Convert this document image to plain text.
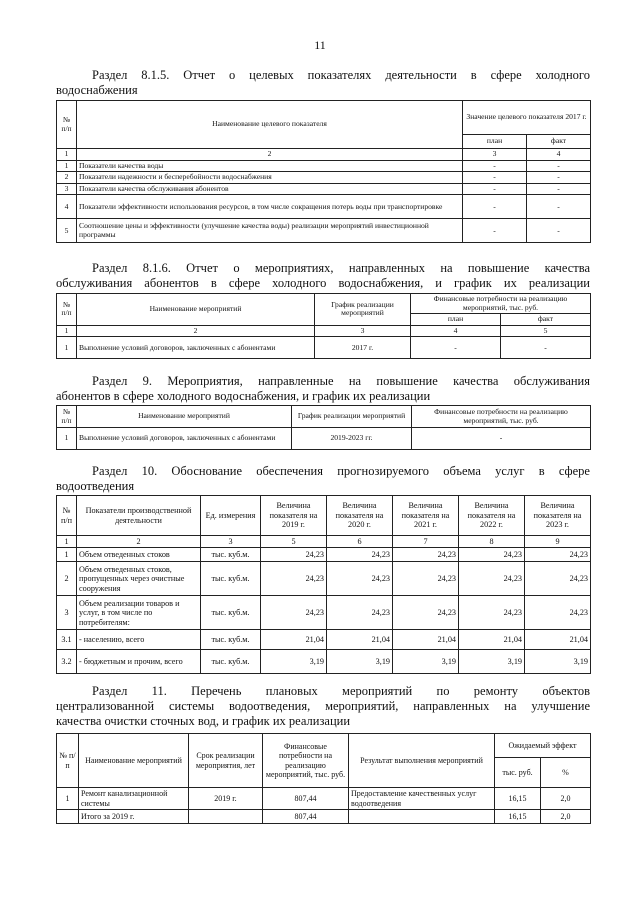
11
Раздел 8.1.5. Отчет о целевых показателях деятельности в сфере холодного
водоснабжения
№ п/п	Наименование целевого показателя	Значение целевого показателя 2017 г.	
		план	факт
1	2	3	4
1	Показатели качества воды	-	-
2	Показатели надежности и бесперебойности водоснабжения	-	-
3	Показатели качества обслуживания абонентов	-	-
4	Показатели эффективности использования ресурсов, в том числе сокращения потерь воды при транспортировке	-	-
5	Соотношение цены и эффективности (улучшение качества воды) реализации мероприятий инвестиционной программы	-	-
Раздел 8.1.6. Отчет о мероприятиях, направленных на повышение качества
обслуживания абонентов в сфере холодного водоснабжения, и график их реализации
№ п/п	Наименование мероприятий	График реализации мероприятий	Финансовые потребности на реализацию мероприятий, тыс. руб.	
			план	факт
1	2	3	4	5
1	Выполнение условий договоров, заключенных с абонентами	2017 г.	-	-
Раздел 9. Мероприятия, направленные на повышение качества обслуживания
абонентов в сфере холодного водоснабжения, и график их реализации
№ п/п	Наименование мероприятий	График реализации мероприятий	Финансовые потребности на реализацию мероприятий, тыс. руб.
1	Выполнение условий договоров, заключенных с абонентами	2019-2023 гг.	-
Раздел 10. Обоснование обеспечения прогнозируемого объема услуг в сфере
водоотведения
№ п/п	Показатели производственной деятельности	Ед. измерения	Величина показателя на 2019 г.	Величина показателя на 2020 г.	Величина показателя на 2021 г.	Величина показателя на 2022 г.	Величина показателя на 2023 г.
1	2	3	5	6	7	8	9
1	Объем отведенных стоков	тыс. куб.м.	24,23	24,23	24,23	24,23	24,23
2	Объем отведенных стоков, пропущенных через очистные сооружения	тыс. куб.м.	24,23	24,23	24,23	24,23	24,23
3	Объем реализации товаров и услуг, в том числе по потребителям:	тыс. куб.м.	24,23	24,23	24,23	24,23	24,23
3.1	- населению, всего	тыс. куб.м.	21,04	21,04	21,04	21,04	21,04
3.2	- бюджетным и прочим, всего	тыс. куб.м.	3,19	3,19	3,19	3,19	3,19
Раздел 11. Перечень плановых мероприятий по ремонту объектов
централизованной системы водоотведения, мероприятий, направленных на улучшение
качества очистки сточных вод, и график их реализации
№ п/п	Наименование мероприятий	Срок реализации мероприятия, лет	Финансовые потребности на реализацию мероприятий, тыс. руб.	Результат выполнения мероприятий	Ожидаемый эффект	
					тыс. руб.	%
1	Ремонт канализационной системы	2019 г.	807,44	Предоставление качественных услуг водоотведения	16,15	2,0
	Итого за 2019 г.		807,44		16,15	2,0
